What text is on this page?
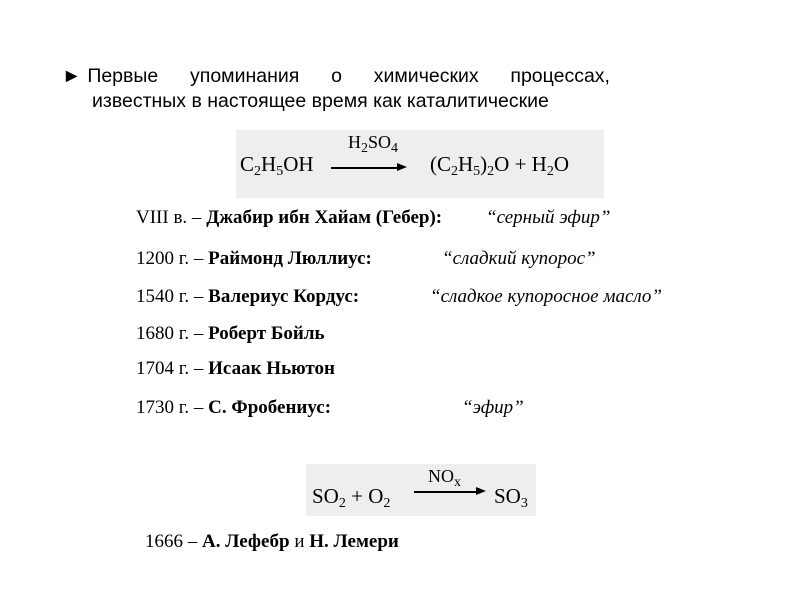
► Первые упоминания о химических процессах,
известных в настоящее время как каталитические
$H_2SO_4$
$C_2H_5OH$	$(C_2H_5)_2O + H_2O$
VIII в. – Джабир ибн Хайам (Гебер): “серный эфир”
1200 г. – Раймонд Люллиус:	“сладкий купорос”
1540 г. – Валериус Кордус:	“сладкое купоросное масло”
1680 г. – Роберт Бойль
1704 г. – Исаак Ньютон
1730 г. – С. Фробениус:	“эфир”
$NO_x$
$SO_2 + O_2$	$SO_3$
1666 – А. Лефебр и Н. Лемери
